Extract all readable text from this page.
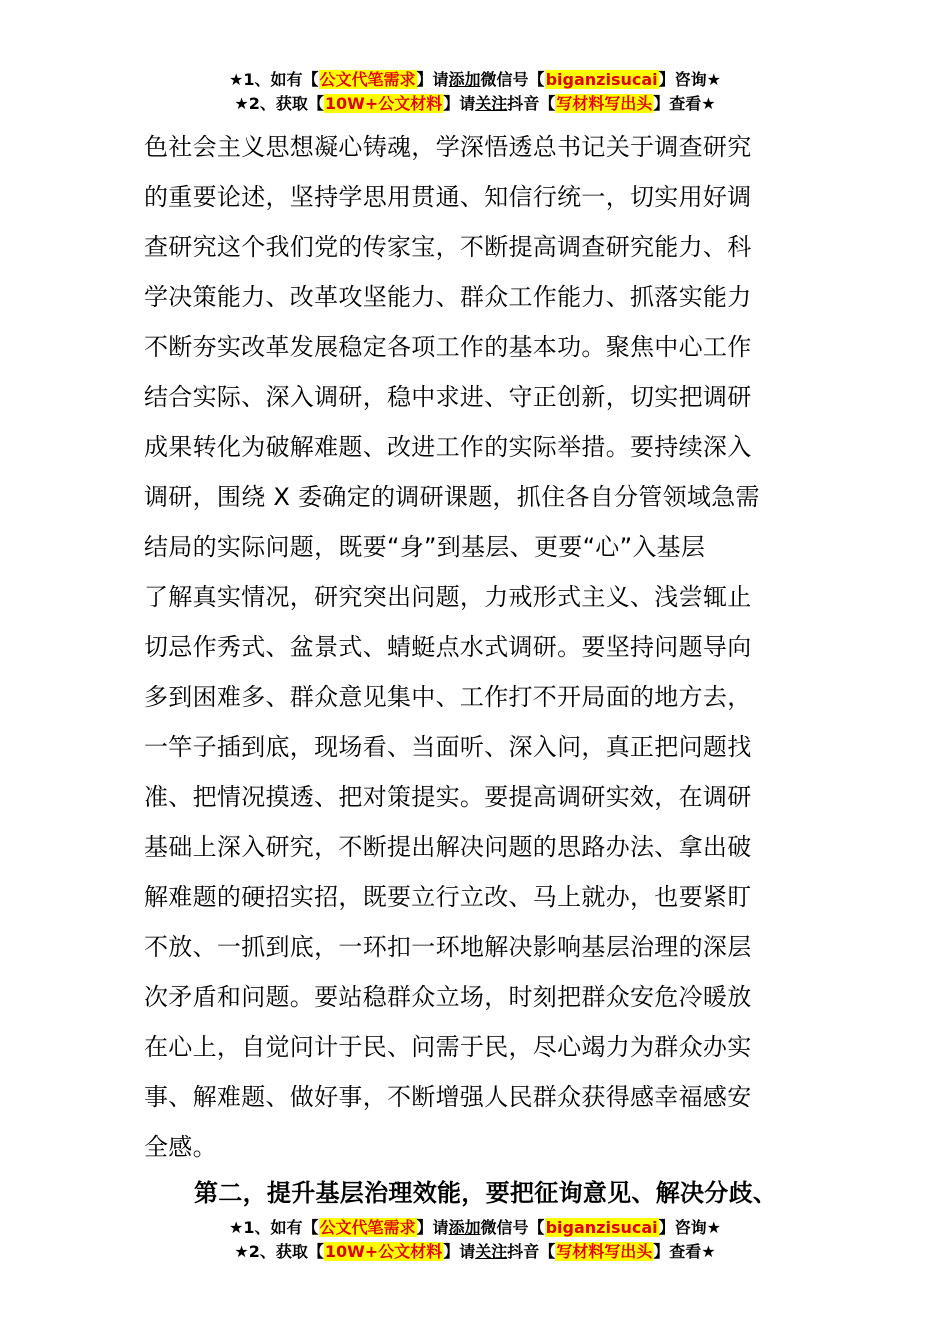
★1、如有【公文代笔需求】请添加微信号【biganzisucai】咨询★
★2、获取【10W+公文材料】请关注抖音【写材料写出头】查看★
色社会主义思想凝心铸魂，学深悟透总书记关于调查研究
的重要论述，坚持学思用贯通、知信行统一，切实用好调
查研究这个我们党的传家宝，不断提高调查研究能力、科
学决策能力、改革攻坚能力、群众工作能力、抓落实能力
不断夯实改革发展稳定各项工作的基本功。聚焦中心工作
结合实际、深入调研，稳中求进、守正创新，切实把调研
成果转化为破解难题、改进工作的实际举措。要持续深入
调研，围绕 X 委确定的调研课题，抓住各自分管领域急需
结局的实际问题，既要“身”到基层、更要“心”入基层
了解真实情况，研究突出问题，力戒形式主义、浅尝辄止
切忌作秀式、盆景式、蜻蜓点水式调研。要坚持问题导向
多到困难多、群众意见集中、工作打不开局面的地方去，
一竿子插到底，现场看、当面听、深入问，真正把问题找
准、把情况摸透、把对策提实。要提高调研实效，在调研
基础上深入研究，不断提出解决问题的思路办法、拿出破
解难题的硬招实招，既要立行立改、马上就办，也要紧盯
不放、一抓到底，一环扣一环地解决影响基层治理的深层
次矛盾和问题。要站稳群众立场，时刻把群众安危冷暖放
在心上，自觉问计于民、问需于民，尽心竭力为群众办实
事、解难题、做好事，不断增强人民群众获得感幸福感安
全感。
第二，提升基层治理效能，要把征询意见、解决分歧、
★1、如有【公文代笔需求】请添加微信号【biganzisucai】咨询★
★2、获取【10W+公文材料】请关注抖音【写材料写出头】查看★
